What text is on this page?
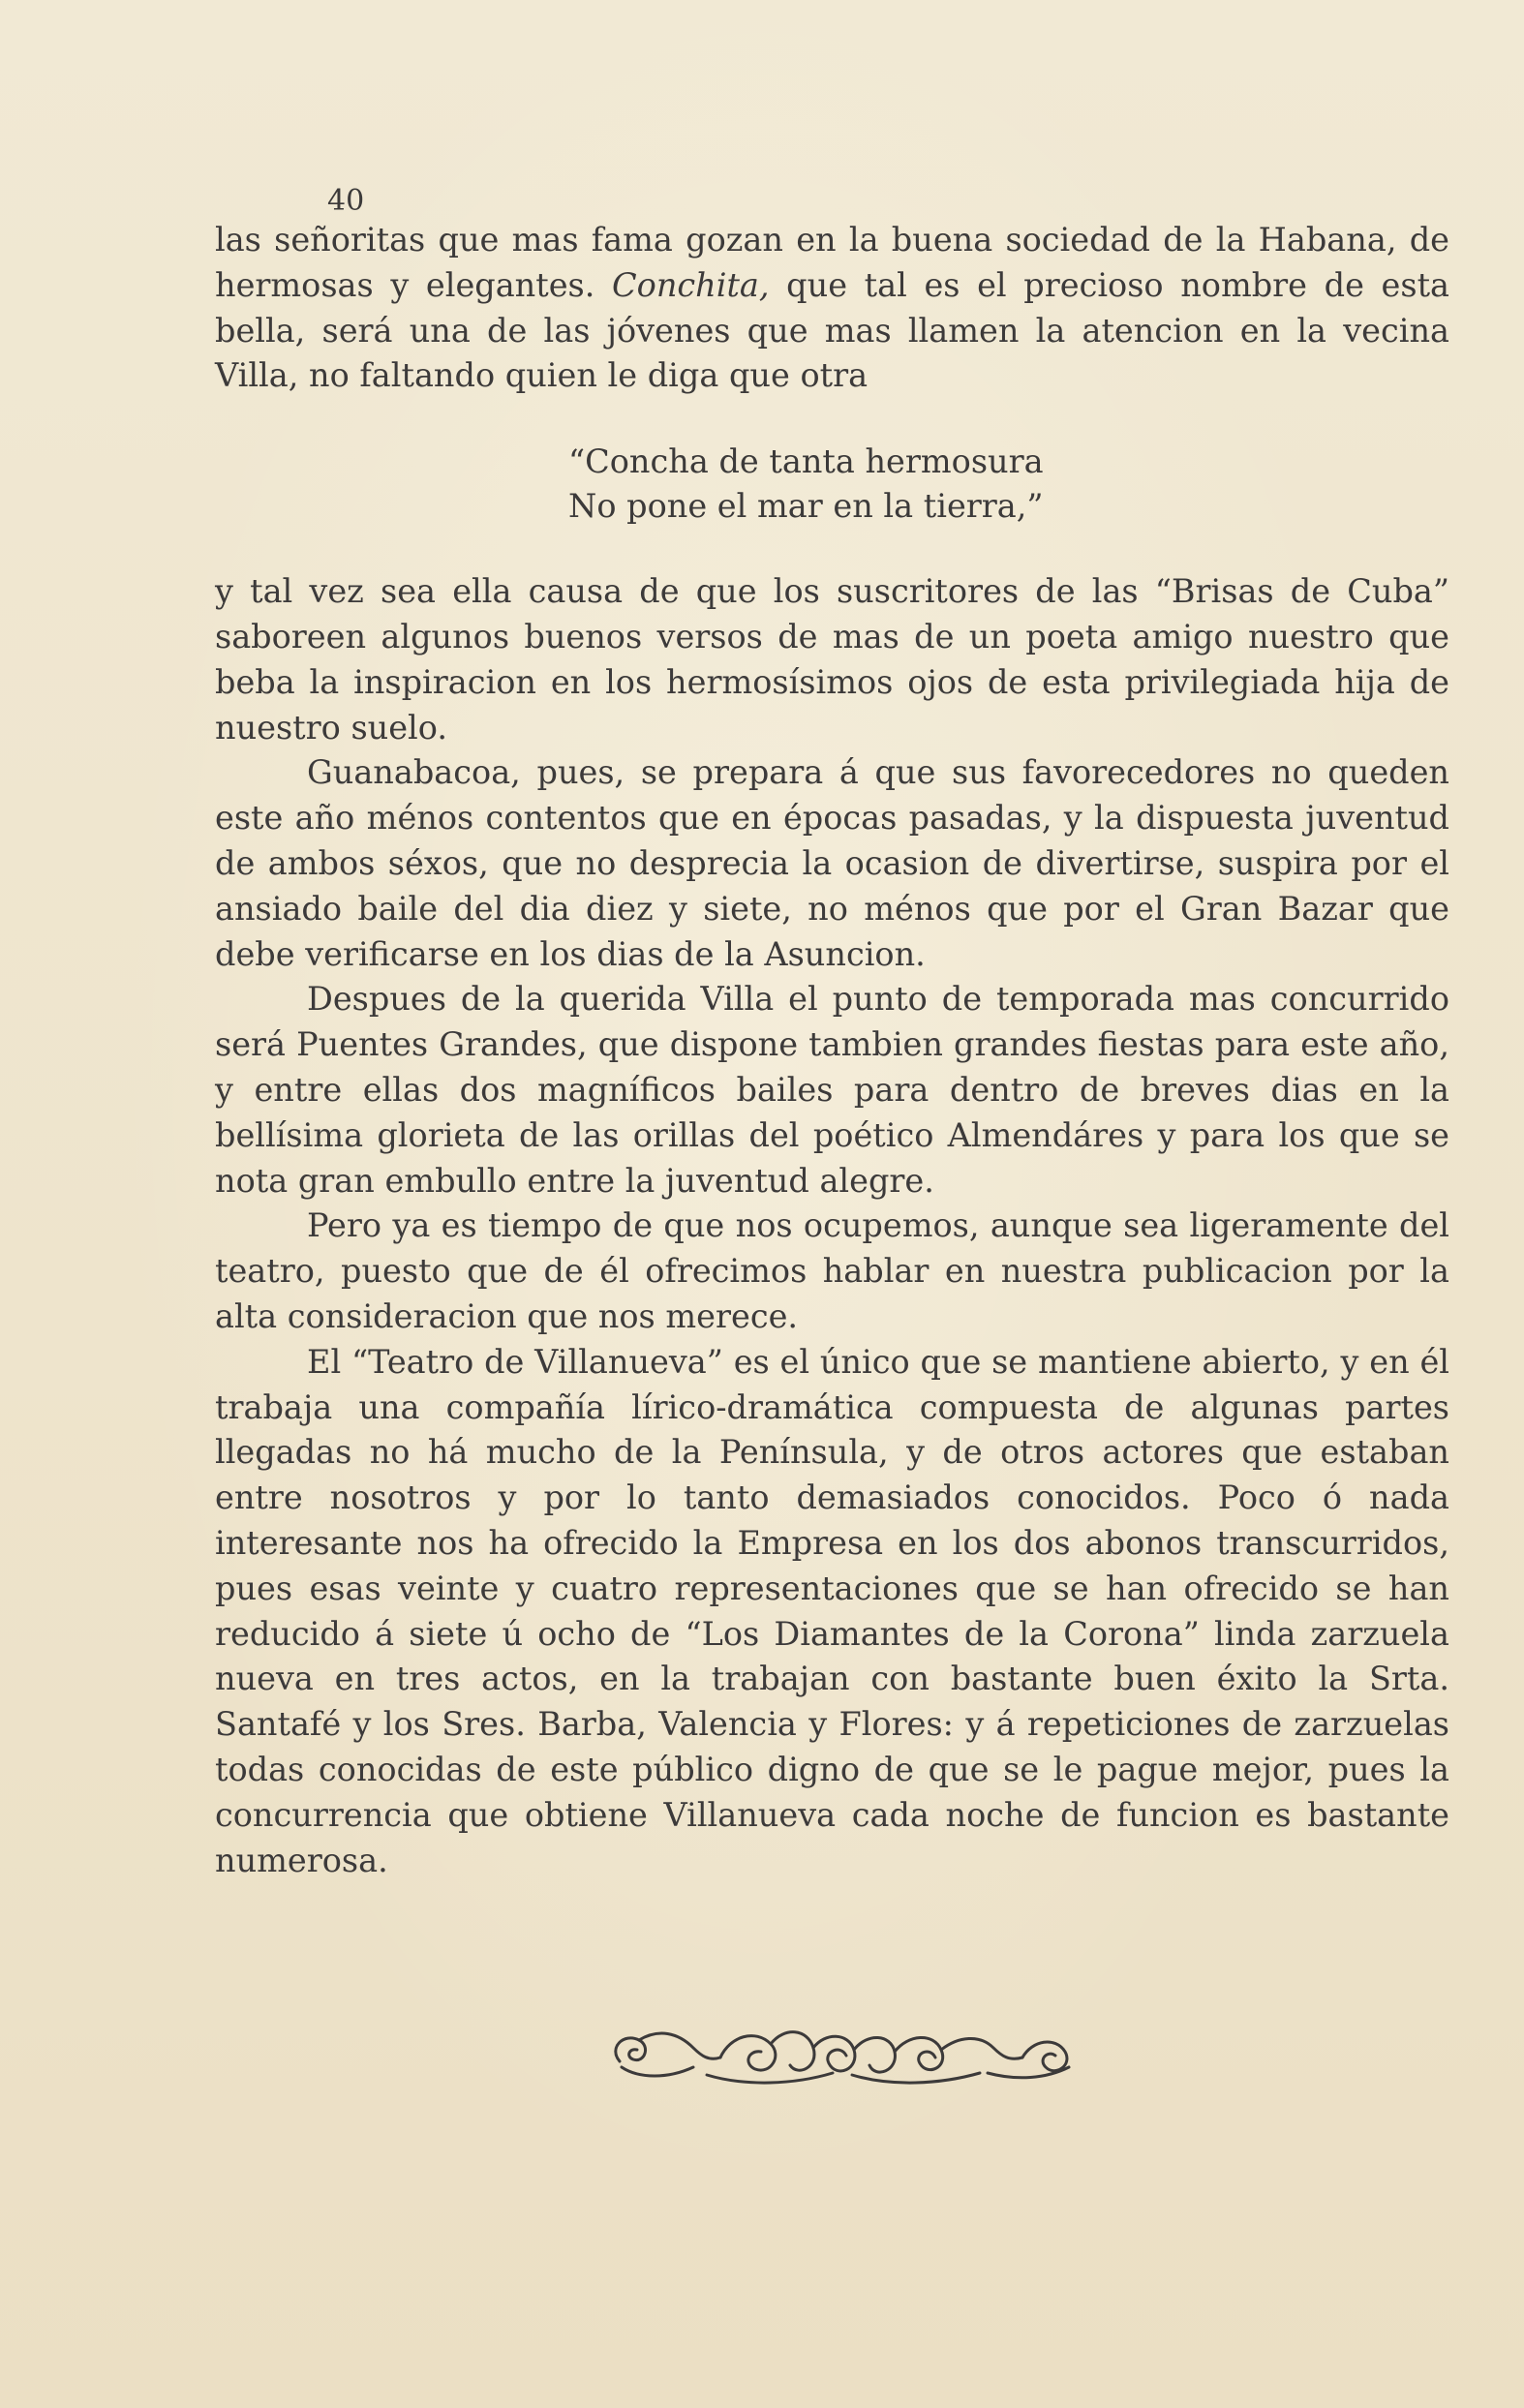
40

las señoritas que mas fama gozan en la buena sociedad de la Habana, de hermosas y elegantes. Conchita, que tal es el precioso nombre de esta bella, será una de las jóvenes que mas llamen la atencion en la vecina Villa, no faltando quien le diga que otra

“Concha de tanta hermosura
No pone el mar en la tierra,”

y tal vez sea ella causa de que los suscritores de las “Brisas de Cuba” saboreen algunos buenos versos de mas de un poeta amigo nuestro que beba la inspiracion en los hermosísimos ojos de esta privilegiada hija de nuestro suelo.

Guanabacoa, pues, se prepara á que sus favorecedores no queden este año ménos contentos que en épocas pasadas, y la dispuesta juventud de ambos séxos, que no desprecia la ocasion de divertirse, suspira por el ansiado baile del dia diez y siete, no ménos que por el Gran Bazar que debe verificarse en los dias de la Asuncion.

Despues de la querida Villa el punto de temporada mas concurrido será Puentes Grandes, que dispone tambien grandes fiestas para este año, y entre ellas dos magníficos bailes para dentro de breves dias en la bellísima glorieta de las orillas del poético Almendáres y para los que se nota gran embullo entre la juventud alegre.

Pero ya es tiempo de que nos ocupemos, aunque sea ligeramente del teatro, puesto que de él ofrecimos hablar en nuestra publicacion por la alta consideracion que nos merece.

El “Teatro de Villanueva” es el único que se mantiene abierto, y en él trabaja una compañía lírico-dramática compuesta de algunas partes llegadas no há mucho de la Península, y de otros actores que estaban entre nosotros y por lo tanto demasiados conocidos. Poco ó nada interesante nos ha ofrecido la Empresa en los dos abonos transcurridos, pues esas veinte y cuatro representaciones que se han ofrecido se han reducido á siete ú ocho de “Los Diamantes de la Corona” linda zarzuela nueva en tres actos, en la trabajan con bastante buen éxito la Srta. Santafé y los Sres. Barba, Valencia y Flores: y á repeticiones de zarzuelas todas conocidas de este público digno de que se le pague mejor, pues la concurrencia que obtiene Villanueva cada noche de funcion es bastante numerosa.
